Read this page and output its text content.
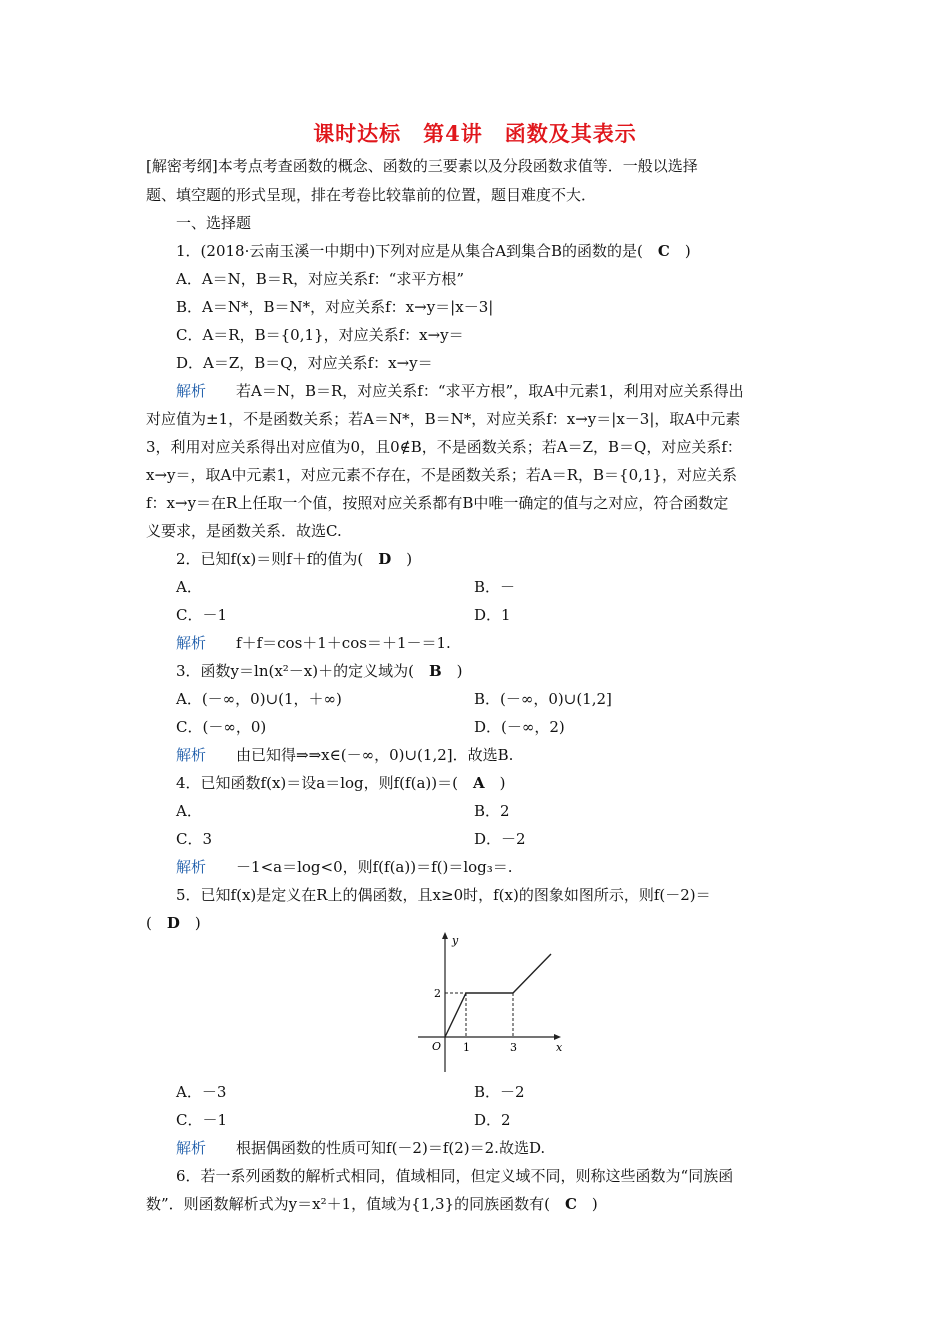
课时达标　第4讲　函数及其表示
[解密考纲]本考点考查函数的概念、函数的三要素以及分段函数求值等．一般以选择
题、填空题的形式呈现，排在考卷比较靠前的位置，题目难度不大．
一、选择题
1．(2018·云南玉溪一中期中)下列对应是从集合A到集合B的函数的是(　C　)
A．A＝N，B＝R，对应关系f：“求平方根”
B．A＝N*，B＝N*，对应关系f：x→y＝|x－3|
C．A＝R，B＝{0,1}，对应关系f：x→y＝
D．A＝Z，B＝Q，对应关系f：x→y＝
解析　　 若A＝N，B＝R，对应关系f：“求平方根”，取A中元素1，利用对应关系得出
对应值为±1，不是函数关系；若A＝N*，B＝N*，对应关系f：x→y＝|x－3|，取A中元素
3，利用对应关系得出对应值为0，且0∉B，不是函数关系；若A＝Z，B＝Q，对应关系f：
x→y＝，取A中元素1，对应元素不存在，不是函数关系；若A＝R，B＝{0,1}，对应关系
f：x→y＝在R上任取一个值，按照对应关系都有B中唯一确定的值与之对应，符合函数定
义要求，是函数关系．故选C.
2．已知f(x)＝则f＋f的值为(　D　)
A．	B．－
C．－1	D．1
解析　　 f＋f＝cos＋1＋cos＝＋1－＝1.
3．函数y＝ln(x²－x)＋的定义域为(　B　)
A．(－∞，0)∪(1，＋∞)	B．(－∞，0)∪(1,2]
C．(－∞，0)	D．(－∞，2)
解析　　 由已知得⇒⇒x∈(－∞，0)∪(1,2]．故选B.
4．已知函数f(x)＝设a＝log，则f(f(a))＝(　A　)
A．	B．2
C．3	D．－2
解析　　 －1<a＝log<0，则f(f(a))＝f()＝log₃＝.
5．已知f(x)是定义在R上的偶函数，且x≥0时，f(x)的图象如图所示，则f(－2)＝
(　D　)
y
x
O
2
1	3
A．－3	B．－2
C．－1	D．2
解析　　 根据偶函数的性质可知f(－2)＝f(2)＝2.故选D.
6．若一系列函数的解析式相同，值域相同，但定义域不同，则称这些函数为“同族函
数”．则函数解析式为y＝x²＋1，值域为{1,3}的同族函数有(　C　)
